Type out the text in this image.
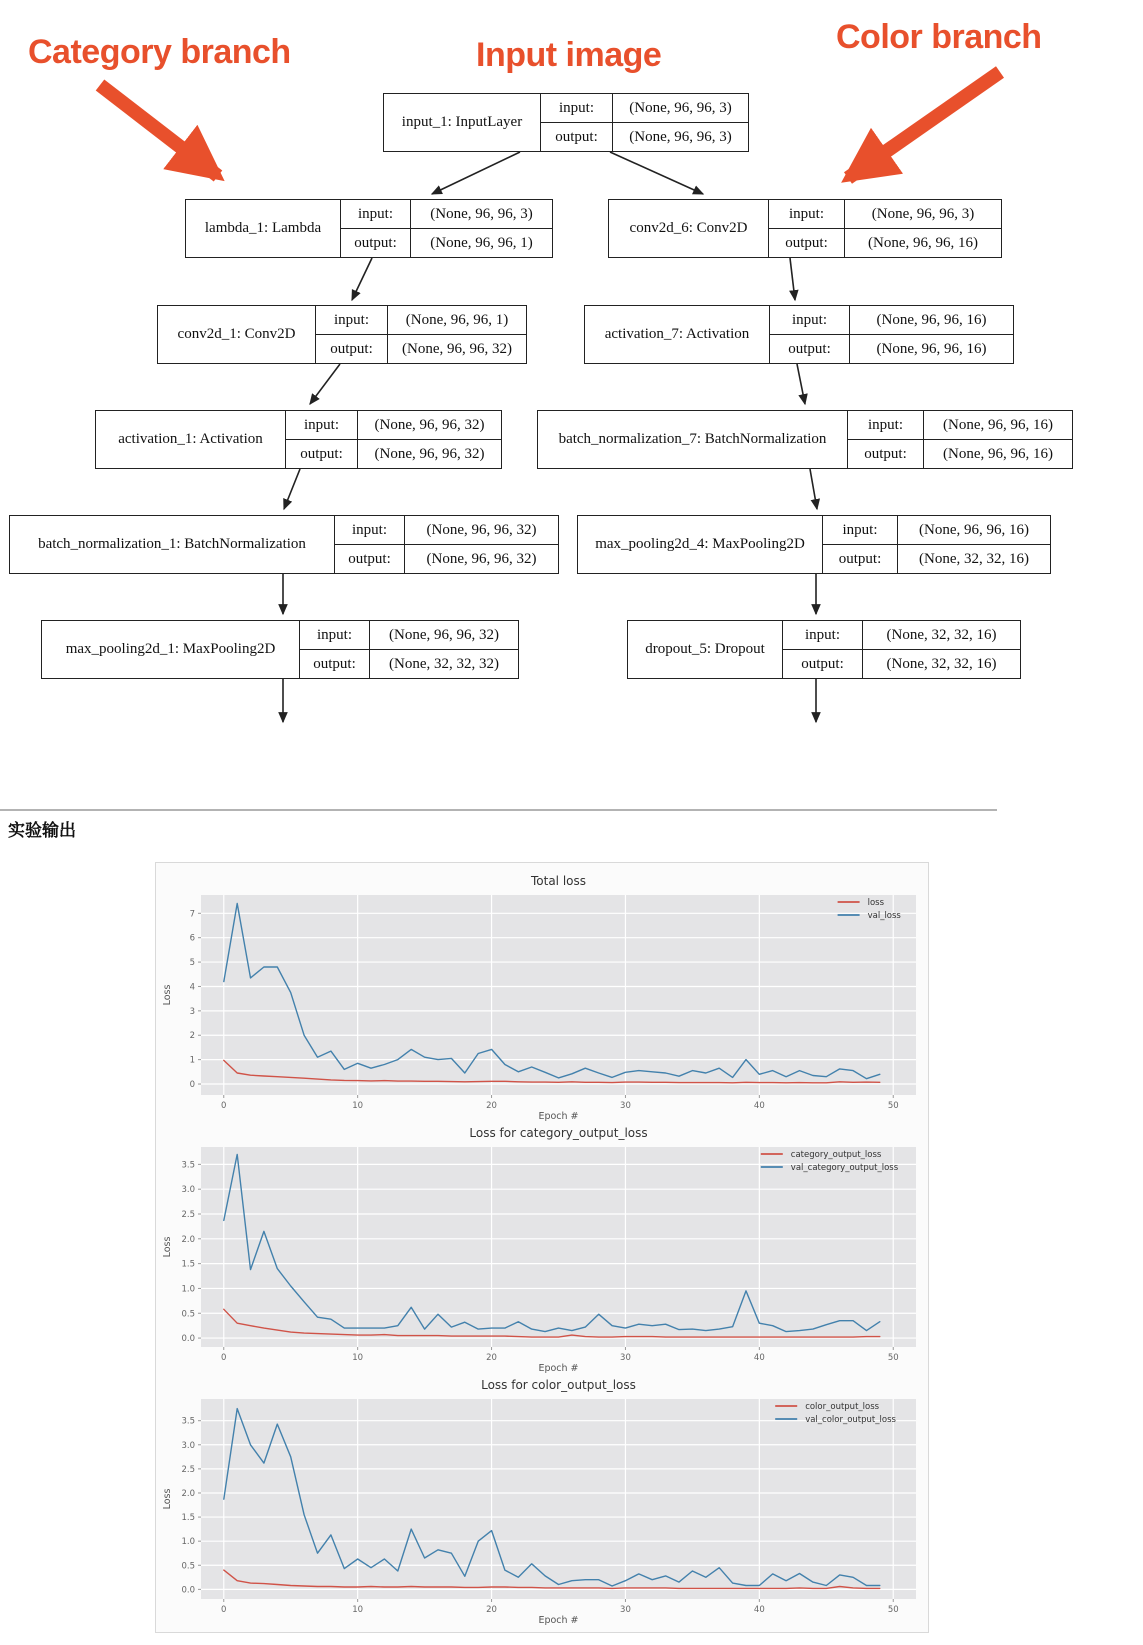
Category branch	Input image	Color branch
input_1: InputLayer
input:	(None, 96, 96, 3)
output:	(None, 96, 96, 3)
lambda_1: Lambda
input:	(None, 96, 96, 3)
output:	(None, 96, 96, 1)
conv2d_6: Conv2D
input:	(None, 96, 96, 3)
output:	(None, 96, 96, 16)
conv2d_1: Conv2D
input:	(None, 96, 96, 1)
output:	(None, 96, 96, 32)
activation_7: Activation
input:	(None, 96, 96, 16)
output:	(None, 96, 96, 16)
activation_1: Activation
input:	(None, 96, 96, 32)
output:	(None, 96, 96, 32)
batch_normalization_7: BatchNormalization
input:	(None, 96, 96, 16)
output:	(None, 96, 96, 16)
batch_normalization_1: BatchNormalization
input:	(None, 96, 96, 32)
output:	(None, 96, 96, 32)
max_pooling2d_4: MaxPooling2D
input:	(None, 96, 96, 16)
output:	(None, 32, 32, 16)
max_pooling2d_1: MaxPooling2D
input:	(None, 96, 96, 32)
output:	(None, 32, 32, 32)
dropout_5: Dropout
input:	(None, 32, 32, 16)
output:	(None, 32, 32, 16)
实验输出
0	10	20	30	40	50
0
1
2
3
4
5
6
7
Epoch #
Loss
Total loss
loss
val_loss
0	10	20	30	40	50
0.0
0.5
1.0
1.5
2.0
2.5
3.0
3.5
Epoch #
Loss
Loss for category_output_loss
category_output_loss
val_category_output_loss
0	10	20	30	40	50
0.0
0.5
1.0
1.5
2.0
2.5
3.0
3.5
Epoch #
Loss
Loss for color_output_loss
color_output_loss
val_color_output_loss
